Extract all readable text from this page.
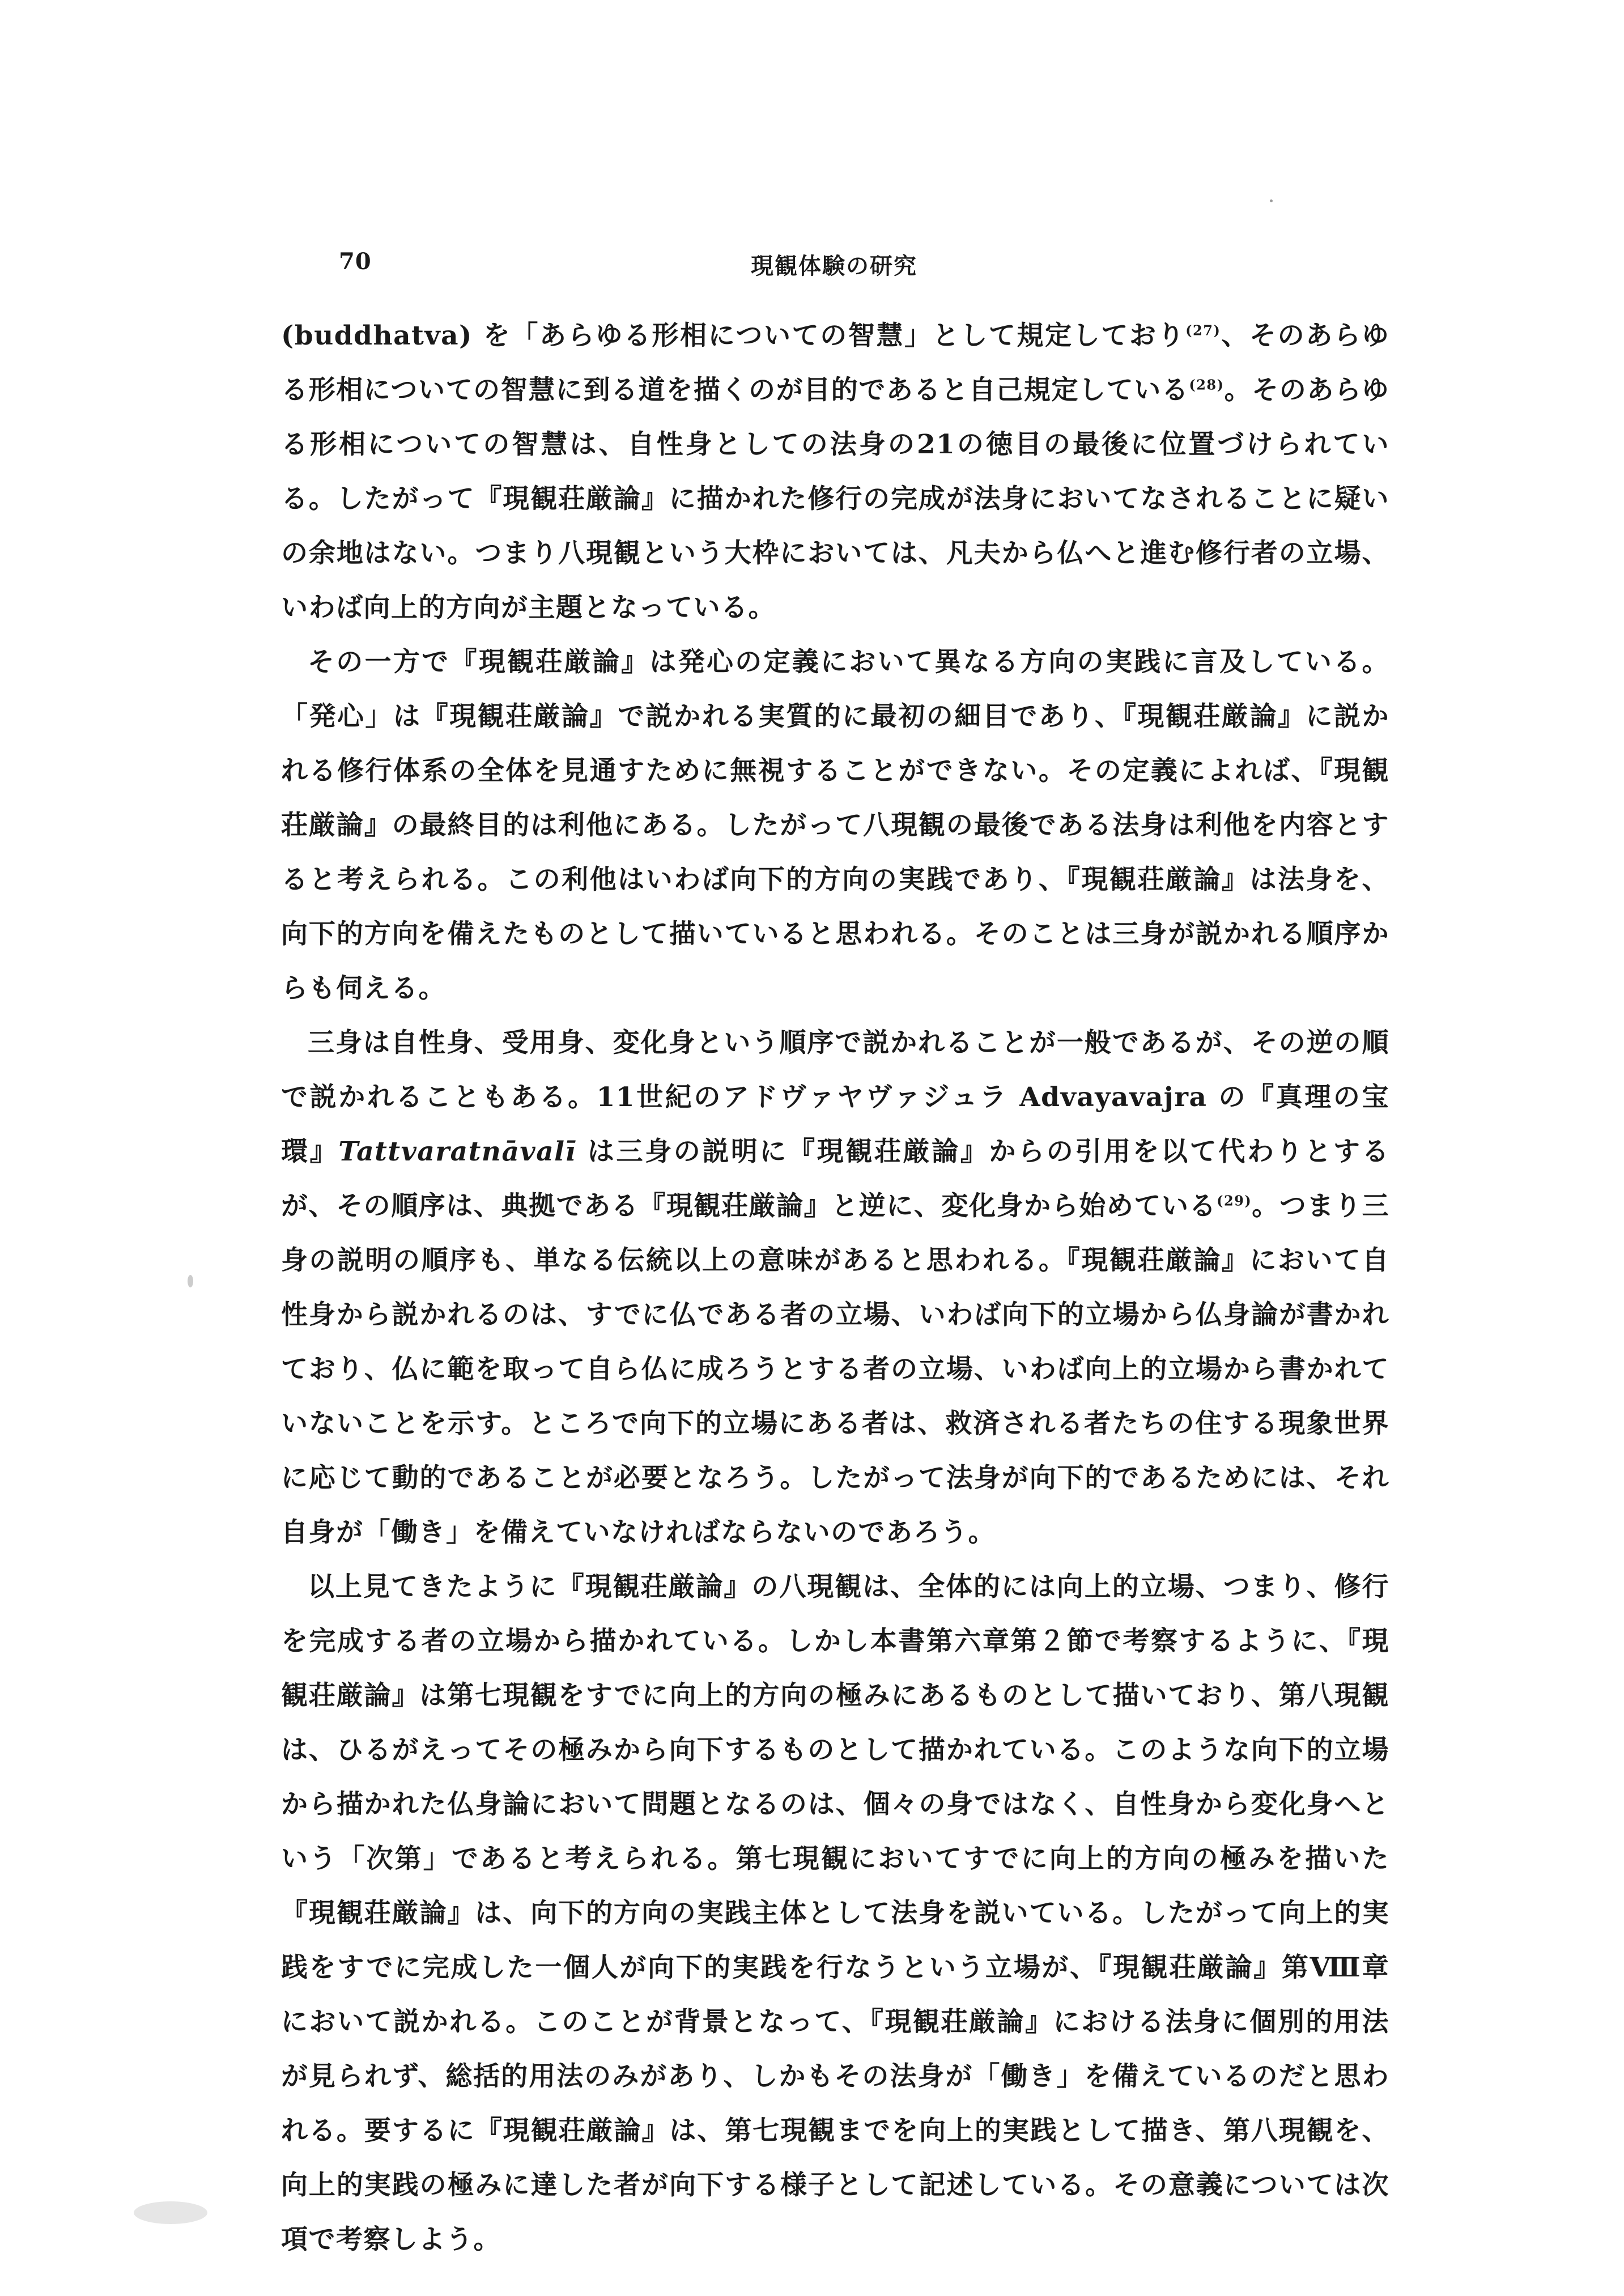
70	現観体験の研究

(buddhatva) を「あらゆる形相についての智慧」として規定しており$^{(27)}$、そのあらゆる形相についての智慧に到る道を描くのが目的であると自己規定している$^{(28)}$。そのあらゆる形相についての智慧は、自性身としての法身の21の徳目の最後に位置づけられている。したがって『現観荘厳論』に描かれた修行の完成が法身においてなされることに疑いの余地はない。つまり八現観という大枠においては、凡夫から仏へと進む修行者の立場、いわば向上的方向が主題となっている。

その一方で『現観荘厳論』は発心の定義において異なる方向の実践に言及している。「発心」は『現観荘厳論』で説かれる実質的に最初の細目であり、『現観荘厳論』に説かれる修行体系の全体を見通すために無視することができない。その定義によれば、『現観荘厳論』の最終目的は利他にある。したがって八現観の最後である法身は利他を内容とすると考えられる。この利他はいわば向下的方向の実践であり、『現観荘厳論』は法身を、向下的方向を備えたものとして描いていると思われる。そのことは三身が説かれる順序からも伺える。

三身は自性身、受用身、変化身という順序で説かれることが一般であるが、その逆の順で説かれることもある。11世紀のアドヴァヤヴァジュラ Advayavajra の『真理の宝環』Tattvaratnāvalī は三身の説明に『現観荘厳論』からの引用を以て代わりとするが、その順序は、典拠である『現観荘厳論』と逆に、変化身から始めている$^{(29)}$。つまり三身の説明の順序も、単なる伝統以上の意味があると思われる。『現観荘厳論』において自性身から説かれるのは、すでに仏である者の立場、いわば向下的立場から仏身論が書かれており、仏に範を取って自ら仏に成ろうとする者の立場、いわば向上的立場から書かれていないことを示す。ところで向下的立場にある者は、救済される者たちの住する現象世界に応じて動的であることが必要となろう。したがって法身が向下的であるためには、それ自身が「働き」を備えていなければならないのであろう。

以上見てきたように『現観荘厳論』の八現観は、全体的には向上的立場、つまり、修行を完成する者の立場から描かれている。しかし本書第六章第２節で考察するように、『現観荘厳論』は第七現観をすでに向上的方向の極みにあるものとして描いており、第八現観は、ひるがえってその極みから向下するものとして描かれている。このような向下的立場から描かれた仏身論において問題となるのは、個々の身ではなく、自性身から変化身へという「次第」であると考えられる。第七現観においてすでに向上的方向の極みを描いた『現観荘厳論』は、向下的方向の実践主体として法身を説いている。したがって向上的実践をすでに完成した一個人が向下的実践を行なうという立場が、『現観荘厳論』第Ⅷ章において説かれる。このことが背景となって、『現観荘厳論』における法身に個別的用法が見られず、総括的用法のみがあり、しかもその法身が「働き」を備えているのだと思われる。要するに『現観荘厳論』は、第七現観までを向上的実践として描き、第八現観を、向上的実践の極みに達した者が向下する様子として記述している。その意義については次項で考察しよう。
